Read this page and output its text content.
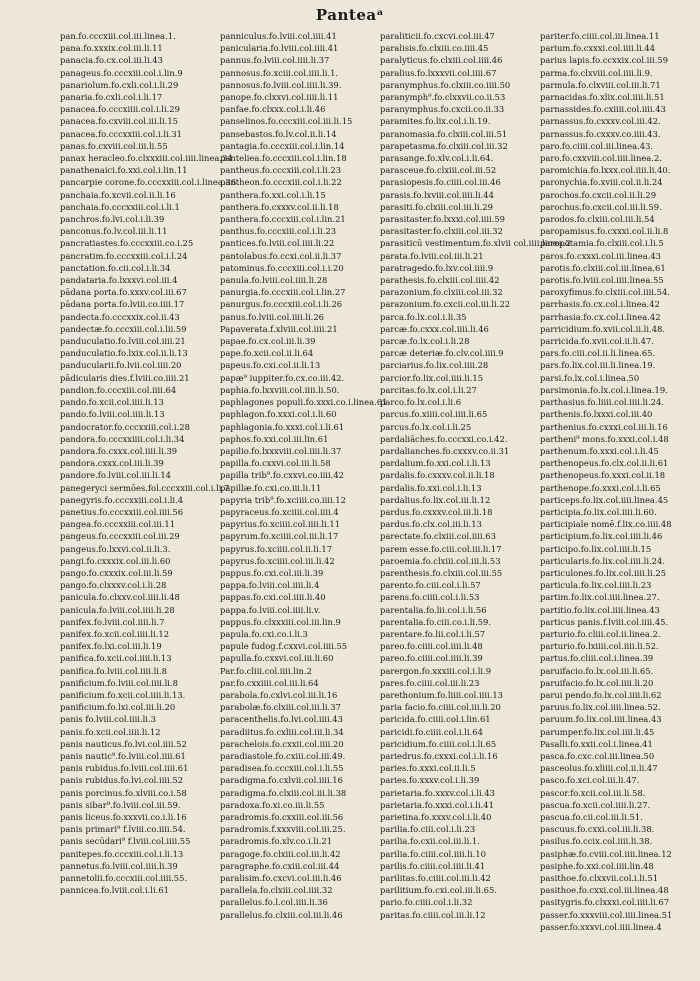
Panteaᵃ
pan.fo.cccxiii.col.iii.linea.1.
pana.fo.xxxix.col.iii.li.11
panacia.fo.cx.col.iii.li.43
panageus.fo.cccxiii.col.i.lin.9
panariolum.fo.cxli.col.i.li.29
panaria.fo.cxli.col.i.li.17
panacea.fo.cccxiiii.col.i.li.29
panacea.fo.cxviii.col.iii.li.15
panacea.fo.cccxxiii.col.i.li.31
panas.fo.cxviii.col.iii.li.55
panax heracleo.fo.clxxxiii.col.iiii.linea.34
panathenaici.fo.xxi.col.i.lin.11
pancarpie corone.fo.cccxxiii.col.i.linea.36
panchaia.fo.xcvii.col.ii.li.16
panchaia.fo.cccxxiii.col.i.li.1
panchros.fo.lvi.col.i.li.39
panconus.fo.lv.col.iii.li.11
pancratiastes.fo.cccxxiii.co.i.25
pancratim.fo.cccxxiii.col.i.l.24
panctation.fo.cii.col.i.li.34
pandataria.fo.lxxxvi.col.iii.4
pādana porta.fo.xxxv.col.iii.67
pādana porta.fo.lviii.co.iiii.17
pandecta.fo.cccxxix.col.ii.43
pandectæ.fo.cccxiii.col.i.lii.59
panduculatio.fo.lviii.col.iiii.21
panduculatio.fo.lxix.col.ii.li.13
panducularii.fo.lvii.col.iiii.20
pādicularis dies.f.lviii.co.iiii.21
pandion.fo.cccxiii.col.iiii.64
pando.fo.xcii.col.iiii.li.13
pando.fo.lviii.col.iiii.li.13
pandocrator.fo.cccxxiii.col.i.28
pandora.fo.cccxxiiii.col.i.li.34
pandora.fo.cxxx.col.iiii.li.39
pandora.cxxx.col.iii.li.39
pandore.fo.lviii.col.iii.li.14
panegeryci sermōes.fol.cccxxiii.col.i.li.7
panegyris.fo.cccxxiii.col.i.li.4
panetius.fo.cccxxiii.col.iiii.56
pangea.fo.cccxxiii.col.iii.11
pangeus.fo.cccxxiii.col.iii.29
pangeus.fo.lxxvi.col.ii.li.3.
pangi.fo.cxxxix.col.iii.li.60
pango.fo.cxxxix.col.iii.li.59
pango.fo.clxxxv.col.i.li.28
panicula.fo.clxxv.col.iiii.li.48
panicula.fo.lviii.col.iiii.li.28
panifex.fo.lviii.col.iiii.li.7
panifex.fo.xcii.col.iiii.li.12
panifex.fo.lxi.col.iii.li.19
panifica.fo.xcii.col.iiii.li.13
panifica.fo.lviii.col.iiii.li.8
panificium.fo.lviii.col.iiii.li.8
panificium.fo.xcii.col.iiii.li.13.
panificium.fo.lxi.col.iii.li.20
panis fo.lviii.col.iiii.li.3
panis.fo.xcii.col.iiii.li.12
panis nauticus.fo.lvi.col.iiii.52
panis nautic⁹.fo.lviii.col.iiii.61
panis rubidus.fo.lviii.col.iiii.61
panis rubidus.fo.lvi.col.iiii.52
panis porcinus.fo.xlviii.co.i.58
panis sibar⁹.fo.lviii.col.iii.59.
panis liceus.fo.xxxvii.co.i.li.16
panis primari⁹ f.lviii.co.iiii.54.
panis secūdari⁹ f.lviii.col.iiii.55
panitepes.fo.cccxiii.col.i.li.13
pannetus.fo.lviii.col.iiii.li.39
pannetolii.fo.cccxiii.col.iiii.55.
pannicea.fo.lviii.col.i.li.61
panniculus.fo.lviii.col.iiii.41
panicularia.fo.lviii.col.iiii.41
pannus.fo.lviii.col.iiii.li.37
pannosus.fo.xciii.col.iiii.li.1.
pannosus.fo.lviii.col.iiii.li.39.
panope.fo.clxxvi.col.iiii.li.11
panfae.fo.clxxx.col.i.li.46
panselinos.fo.cccxiii.col.iii.li.15
pansebastos.fo.lv.col.ii.li.14
pantagia.fo.cccxiii.col.i.lin.14
panteliea.fo.cccxiii.col.i.lin.18
pantheus.fo.cccxiii.col.i.li.23
pantheon.fo.cccxiii.col.i.li.22
panthera.fo.xxi.col.i.li.15
panthera.fo.cxxxv.col.ii.li.18
panthera.fo.cccxiii.col.i.lin.21
panthus.fo.cccxiii.col.i.li.23
pantices.fo.lviii.col.iiii.li.22
pantolabus.fo.ccxi.col.ii.li.37
patominus.fo.cccxiii.col.i.i.20
panula.fo.lviii.col.iiii.li.28
panurgia.fo.cccxiii.col.i.lin.27
panurgus.fo.cccxiii.col.i.li.26
panus.fo.lviii.col.iiii.li.26
Papaverata.f.xlviii.col.iiii.21
papae.fo.cx.col.iii.li.39
pape.fo.xcii.col.ii.li.64
papeus.fo.cxi.col.ii.li.13
papæ⁹ iuppiter.fo.cx.co.iii.42.
paphia.fo.lxxviii.col.iiii.li.50.
paphlagones populi.fo.xxxi.co.i.linea.61
paphlagon.fo.xxxi.col.i.li.60
paphlagonia.fo.xxxi.col.i.li.61
paphos.fo.xxi.col.iii.lin.61
papilio.fo.lxxxviii.col.iiii.li.37
papilla.fo.cxxvi.col.iii.li.58
papilla trib⁹.fo.cxxvi.co.iiii.42
papillæ.fo.cxi.co.iii.li.11
papyria trib⁹.fo.xciiii.co.iiii.12
papyraceus.fo.xciiii.col.iiii.4
papyrius.fo.xciiii.col.iiii.li.11
papyrum.fo.xciiii.col.iii.li.17
papyrus.fo.xciiii.col.ii.li.17
papyrus.fo.xciiii.col.iii.li.42
pappus.fo.cxi.col.iii.li.39
pappa.fo.lviii.col.iiii.li.4
pappas.fo.cxi.col.iiii.li.40
pappa.fo.lviii.col.iiii.li.v.
pappus.fo.clxxxiii.col.iii.lin.9
papula.fo.cxi.co.i.li.3
papule fudog.f.cxxvi.col.iiii.55
papulla.fo.cxxvi.col.iii.li.60
Par.fo.cliii.col.iiii.lin.2
par.fo.cxxiiii.col.iii.li.64
parabola.fo.cxlvi.col.iii.li.16
parabolæ.fo.clxiii.col.iii.li.37
paracenthelis.fo.lvi.col.iiii.43
paradiitus.fo.cxliii.col.iii.li.34
parachelois.fo.cxxii.col.iiii.20
paradiastole.fo.cxiii.col.iii.49.
paradisea.fo.cccxiii.col.i.li.55
paradigma.fo.cxlvii.col.iiii.16
paradigma.fo.clxiii.col.iii.li.38
paradoxa.fo.xi.co.iii.li.55
paradromis.fo.cxxiii.col.iii.56
paradromis.f.xxxviii.col.iii.25.
paradromis.fo.xlv.co.i.li.21
paragoge.fo.clxiii.col.iii.li.42
paragraphe.fo.cxiii.col.iii.44
paralisim.fo.cxcvi.col.iii.li.46
parallela.fo.clxiii.col.iiii.32
parallelus.fo.l.col.iiii.li.36
parallelus.fo.clxiii.col.iii.li.46
paraliticii.fo.cxcvi.col.iii.47
paralisis.fo.clxiii.co.iiii.45
paralyticus.fo.clxiii.col.iiii.46
paralius.fo.lxxxvii.col.iiii.67
paranymphus.fo.clxiii.co.iiii.50
paranymph⁹.fo.clxxvii.co.ii.53
paranymphus.fo.cxcii.co.ii.33
paramites.fo.lix.col.i.li.19.
paranomasia.fo.clxiii.col.iii.51
parapetasma.fo.clxiii.col.iii.32
parasange.fo.xlv.col.i.li.64.
parasceue.fo.clxiii.col.iii.52
parasiopesis.fo.ciiii.col.iii.46
parasis.fo.lxviii.col.iiii.li.44
parasiti.fo.clxiii.col.iii.li.29
parasitaster.fo.lxxxi.col.iiii.59
parasitaster.fo.clxiii.col.iii.32
parasiticū vestimentum.fo.xlvii col.iiii.linea.2
parata.fo.lviii.col.iii.li.21
paratragedo.fo.lxv.col.iiii.9
parathesis.fo.clxiii.col.iiii.42
parazonium.fo.clxiii.col.iii.32
parazonium.fo.cxcii.col.iii.li.22
parca.fo.lx.col.i.li.35
parcæ.fo.cxxx.col.iiii.li.46
parcæ.fo.lx.col.i.li.28
parcæ deteriæ.fo.clv.col.iiii.9
parciarius.fo.lix.col.iiii.28
parcior.fo.lix.col.iiii.li.15
parcitas.fo.lx.col.i.li.27
parco.fo.lx.col.i.li.6
parcus.fo.xiiii.col.iiii.li.65
parcus.fo.lx.col.i.li.25
pardaliāches.fo.cccxxi.co.i.42.
pardalianches.fo.cxxxv.co.ii.31
pardalium.fo.xxi.col.i.li.13
pardalis.fo.cxxxv.col.ii.li.18
pardalis.fo.xxi.col.i.li.13
pardalius.fo.lix.col.iii.li.12
pardus.fo.cxxxv.col.iii.li.18
pardus.fo.clx.col.iii.li.13
parectate.fo.clxiii.col.iiii.63
parem esse.fo.ciii.col.iii.li.17
paroemia.fo.clxiii.col.iii.li.53
parenthesis.fo.clxiii.col.iii.55
parento.fo.ciii.col.i.li.57
parens.fo.ciiii.col.i.li.53
parentalia.fo.lii.col.i.li.56
parentalia.fo.ciii.co.i.li.59.
parentare.fo.lii.col.i.li.57
pareo.fo.ciiii.col.iiii.li.48
pareo.fo.ciiii.col.iiii.li.39
parergon.fo.xxxiii.col.i.li.9
pares.fo.ciiii.col.iii.li.23
parethonium.fo.liiii.col.iiii.13
paria facio.fo.ciiii.col.iii.li.20
paricida.fo.ciiii.col.i.lin.61
paricidi.fo.ciiii.col.i.li.64
paricidium.fo.ciiii.col.i.li.65
pariedrus.fo.cxxxi.col.i.li.16
paries.fo.xxxi.col.ii.li.5
paries.fo.xxxv.col.i.li.39
parietaria.fo.xxxv.col.i.li.43
parietaria.fo.xxxi.col.i.li.41
parietina.fo.xxxv.col.i.li.40
parilia.fo.ciii.col.i.li.23
parilia.fo.cxii.col.iii.li.1.
parilia.fo.ciiii.col.iiii.li.10
parilis.fo.ciiii.col.iiii.li.41
parilitas.fo.ciiii.col.iii.li.42
parilitium.fo.cxi.col.iii.li.65.
pario.fo.ciiii.col.i.li.32
paritas.fo.ciiii.col.iii.li.12
pariter.fo.ciiii.col.iii.linea.11
parium.fo.cxxxi.col.iiii.li.44
parius lapis.fo.ccxxix.col.iii.59
parma.fo.clxviii.col.iiii.li.9.
parmula.fo.clxviii.col.iii.li.71
parnacidas.fo.xlix.col.iiii.li.51
parnassides.fo.cxiiii.col.iiii.43
parnassus.fo.cxxxv.col.iii.42.
parnassus.fo.cxxxv.co.iiii.43.
paro.fo.ciiii.col.iii.linea.43.
paro.fo.cxxviii.col.iiii.linea.2.
paromichia.fo.lxxx.col.iiii.li.40.
paronychia.fo.xviii.col.ii.li.24
parochos.fo.cxcii.col.ii.li.29
parochus.fo.cxcii.col.iii.li.59.
parodos.fo.clxiii.col.iii.li.54
paropamisus.fo.cxxxi.col.ii.li.8
paropotamia.fo.clxiii.col.i.li.5
paros.fo.cxxxi.col.iii.linea.43
parotis.fo.clxiii.col.iii.linea.61
parotis.fo.lviii.col.iiii.linea.55
paroxyfimus.fo.clxiii.col.iiii.54.
parrhasis.fo.cx.col.i.linea.42
parrhasia.fo.cx.col.i.linea.42
parricidium.fo.xvii.col.ii.li.48.
parricida.fo.xvii.col.ii.li.47.
pars.fo.ciii.col.ii.li.linea.65.
pars.fo.lix.col.iii.li.linea.19.
parsi.fo.lx.col.i.linea.50
parsimonia.fo.lx.col.i.linea.19.
parthasius.fo.liiii.col.iiii.li.24.
parthenis.fo.lxxxi.col.iii.40
parthenius.fo.cxxxi.col.iii.li.16
partheni⁹ mons.fo.xxxi.col.i.48
parthenum.fo.xxxi.col.i.li.45
parthenopeus.fo.clx.col.ii.li.61
parthenopeus.fo.xxxi.col.ii.18
parthenope.fo.xxxi.col.i.li.65
particeps.fo.lix.col.iiii.linea.45
participia.fo.lix.col.iiii.li.60.
participiale nomē.f.lix.co.iiii.48
participium.fo.lix.col.iiii.li.46
participo.fo.lix.col.iiii.li.15
particularis.fo.lix.col.iiii.li.24.
particulones.fo.lix.col.iiii.li.25
particula.fo.lix.col.iiii.li.23
partim.fo.lix.col.iiii.linea.27.
partitio.fo.lix.col.iiii.linea.43
particus panis.f.lviii.col.iiii.45.
parturio.fo.cliii.col.ii.linea.2.
parturio.fo.lxiiii.col.iiii.li.52.
partus.fo.cliii.col.i.linea.39
paruifacio.fo.lx.col.iii.li.65.
paruifacio.fo.lx.col.iiii.li.20
parui pendo.fo.lx.col.iiii.li.62
paruus.fo.lix.col.iiii.linea.52.
paruum.fo.lix.col.iiii.linea.43
parumper.fo.lix.col.iiii.li.45
Pasalli.fo.xxii.col.i.linea.41
pasca.fo.cxc.col.iii.linea.50
pasceolus.fo.xliiii.col.ii.li.47
pasco.fo.xci.col.iii.li.47.
pascor.fo.xcii.col.iii.li.58.
pascua.fo.xcii.col.iiii.li.27.
pascua.fo.cii.col.iii.li.51.
pascuus.fo.cxxi.col.iii.li.38.
pasilus.fo.ccix.col.iiii.li.38.
pasiphæ.fo.cviii.col.iiii.linea.12
pasiphe.fo.xxi.col.iiii.lin.48
pasithoe.fo.clxxvii.col.i.li.51
pasithoe.fo.cxxi.col.iii.linea.48
pasitygris.fo.clxxxi.col.iiii.li.67
passer.fo.xxxviii.col.iiii.linea.51
passer.fo.xxxvi.col.iiii.linea.4
